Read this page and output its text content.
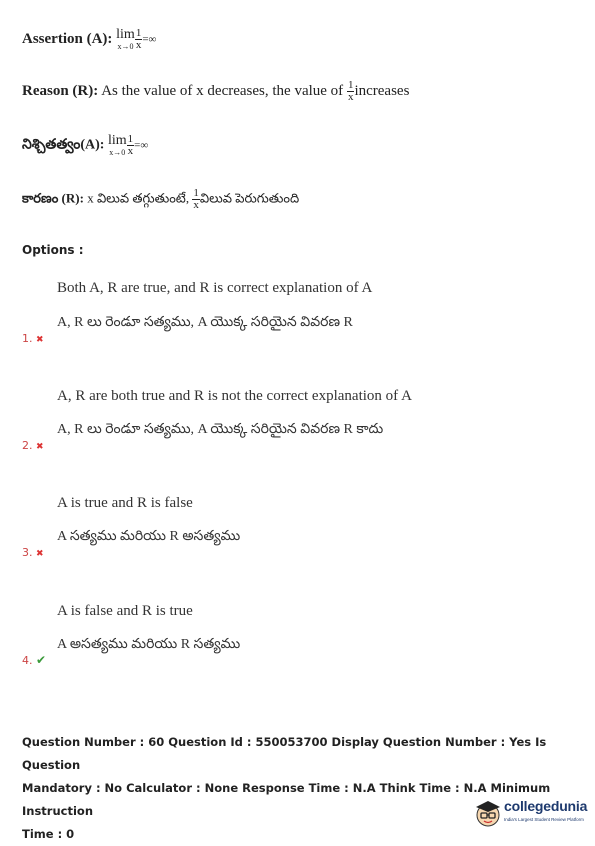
Assertion (A): lim
$x\to 0 \frac{1}{x}$ =∞
Reason (R): As the value of x decreases, the value of $\frac{1}{x}$ increases
నిశ్చితత్వం(A): lim
$x\to 0 \frac{1}{x}$ =∞
కారణం (R): x విలువ తగ్గుతుంటే, $\frac{1}{x}$ విలువ పెరుగుతుంది
Options :
Both A, R are true, and R is correct explanation of A
A, R లు రెండూ సత్యము, A యొక్క సరియైన వివరణ R
1. ✖
A, R are both true and R is not the correct explanation of A
A, R లు రెండూ సత్యము, A యొక్క సరియైన వివరణ R కాదు
2. ✖
A is true and R is false
A సత్యము మరియు R అసత్యము
3. ✖
A is false and R is true
A అసత్యము మరియు R సత్యము
4. ✔
Question Number : 60 Question Id : 550053700 Display Question Number : Yes Is Question
Mandatory : No Calculator : None Response Time : N.A Think Time : N.A Minimum Instruction
Time : 0
collegedunia
India's Largest Student Review Platform
